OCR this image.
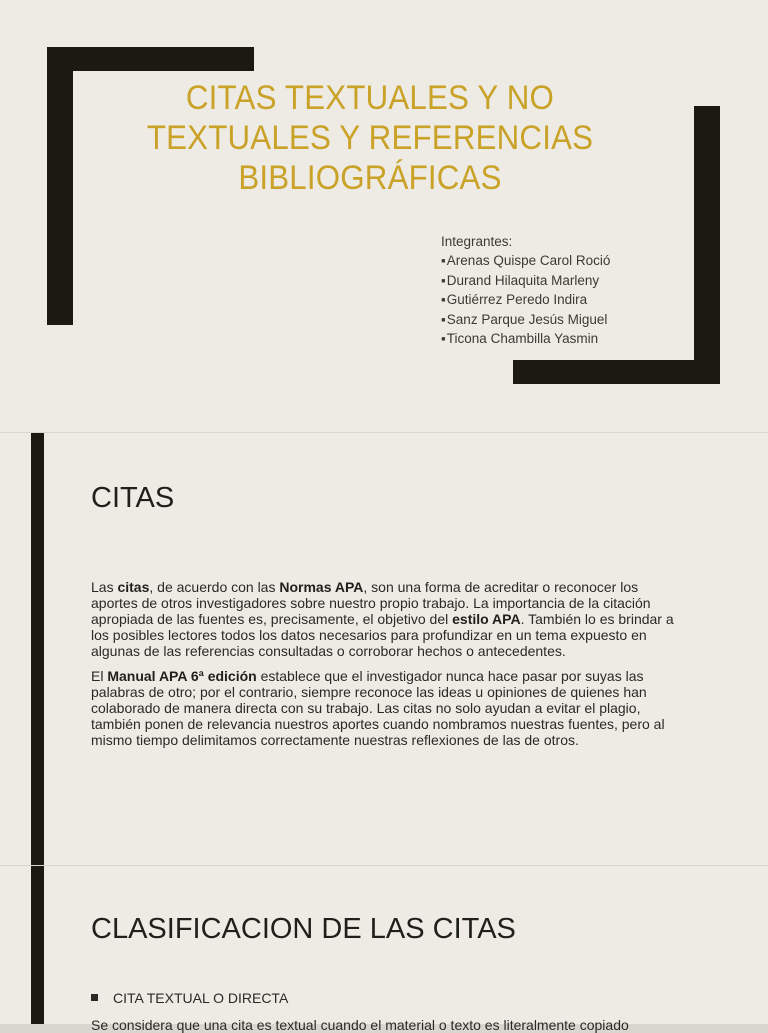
CITAS TEXTUALES Y NO TEXTUALES Y REFERENCIAS BIBLIOGRÁFICAS
Integrantes:
▪ Arenas Quispe Carol Roció
▪ Durand Hilaquita Marleny
▪ Gutiérrez Peredo Indira
▪ Sanz Parque Jesús Miguel
▪ Ticona Chambilla Yasmin
CITAS

Las citas, de acuerdo con las Normas APA, son una forma de acreditar o reconocer los aportes de otros investigadores sobre nuestro propio trabajo. La importancia de la citación apropiada de las fuentes es, precisamente, el objetivo del estilo APA. También lo es brindar a los posibles lectores todos los datos necesarios para profundizar en un tema expuesto en algunas de las referencias consultadas o corroborar hechos o antecedentes.

El Manual APA 6ª edición establece que el investigador nunca hace pasar por suyas las palabras de otro; por el contrario, siempre reconoce las ideas u opiniones de quienes han colaborado de manera directa con su trabajo. Las citas no solo ayudan a evitar el plagio, también ponen de relevancia nuestros aportes cuando nombramos nuestras fuentes, pero al mismo tiempo delimitamos correctamente nuestras reflexiones de las de otros.

CLASIFICACION DE LAS CITAS
CITA TEXTUAL O DIRECTA
Se considera que una cita es textual cuando el material o texto es literalmente copiado
